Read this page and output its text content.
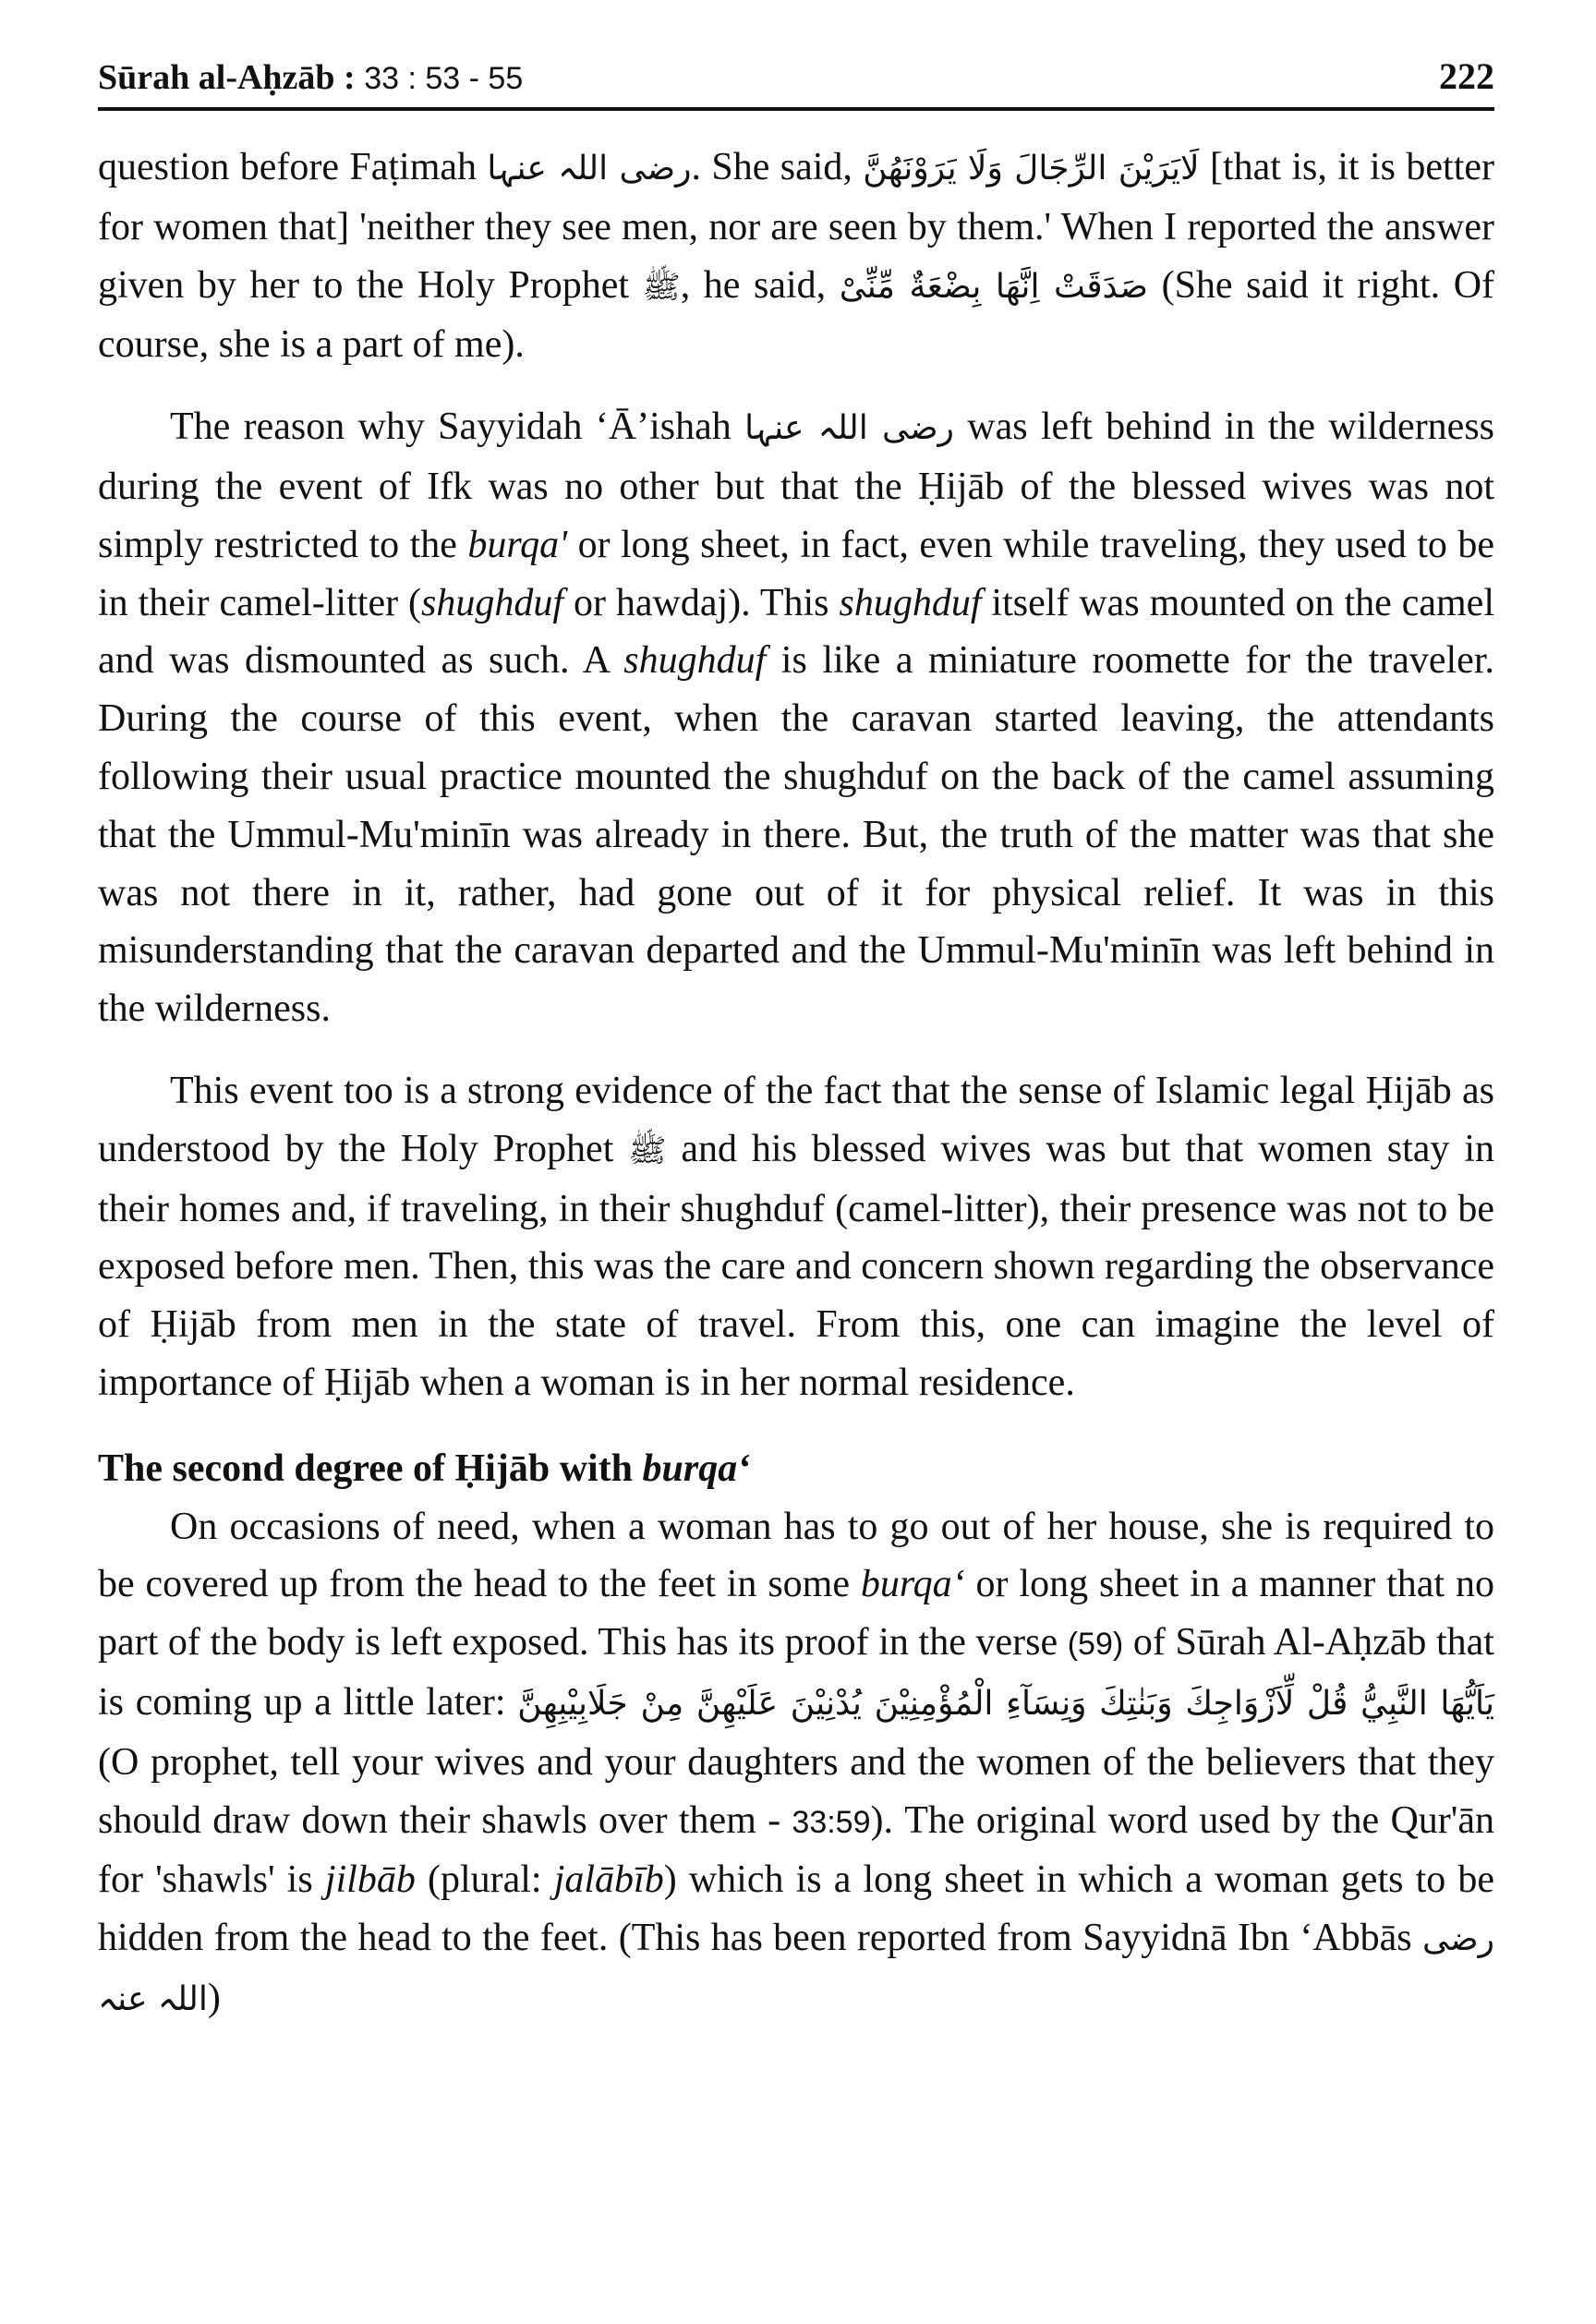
Sūrah al-Aḥzāb : 33 : 53 - 55	222

question before Faṭimah رضی اللہ عنہا. She said, لَایَرَیْنَ الرِّجَالَ وَلَا یَرَوْنَهُنَّ [that is, it is better for women that] 'neither they see men, nor are seen by them.' When I reported the answer given by her to the Holy Prophet ﷺ, he said, صَدَقَتْ اِنَّهَا بِضْعَةٌ مِّنِّیْ (She said it right. Of course, she is a part of me).

The reason why Sayyidah ‘Ā’ishah رضی اللہ عنہا was left behind in the wilderness during the event of Ifk was no other but that the Ḥijāb of the blessed wives was not simply restricted to the burqa' or long sheet, in fact, even while traveling, they used to be in their camel-litter (shughduf or hawdaj). This shughduf itself was mounted on the camel and was dismounted as such. A shughduf is like a miniature roomette for the traveler. During the course of this event, when the caravan started leaving, the attendants following their usual practice mounted the shughduf on the back of the camel assuming that the Ummul-Mu'minīn was already in there. But, the truth of the matter was that she was not there in it, rather, had gone out of it for physical relief. It was in this misunderstanding that the caravan departed and the Ummul-Mu'minīn was left behind in the wilderness.

This event too is a strong evidence of the fact that the sense of Islamic legal Ḥijāb as understood by the Holy Prophet ﷺ and his blessed wives was but that women stay in their homes and, if traveling, in their shughduf (camel-litter), their presence was not to be exposed before men. Then, this was the care and concern shown regarding the observance of Ḥijāb from men in the state of travel. From this, one can imagine the level of importance of Ḥijāb when a woman is in her normal residence.

The second degree of Ḥijāb with burqa‘

On occasions of need, when a woman has to go out of her house, she is required to be covered up from the head to the feet in some burqa‘ or long sheet in a manner that no part of the body is left exposed. This has its proof in the verse (59) of Sūrah Al-Aḥzāb that is coming up a little later: يَاَيُّهَا النَّبِيُّ قُلْ لِّاَزْوَاجِكَ وَبَنٰتِكَ وَنِسَآءِ الْمُؤْمِنِيْنَ يُدْنِيْنَ عَلَيْهِنَّ مِنْ جَلَابِيْبِهِنَّ (O prophet, tell your wives and your daughters and the women of the believers that they should draw down their shawls over them - 33:59). The original word used by the Qur'ān for 'shawls' is jilbāb (plural: jalābīb) which is a long sheet in which a woman gets to be hidden from the head to the feet. (This has been reported from Sayyidnā Ibn ‘Abbās رضی اللہ عنہ)
